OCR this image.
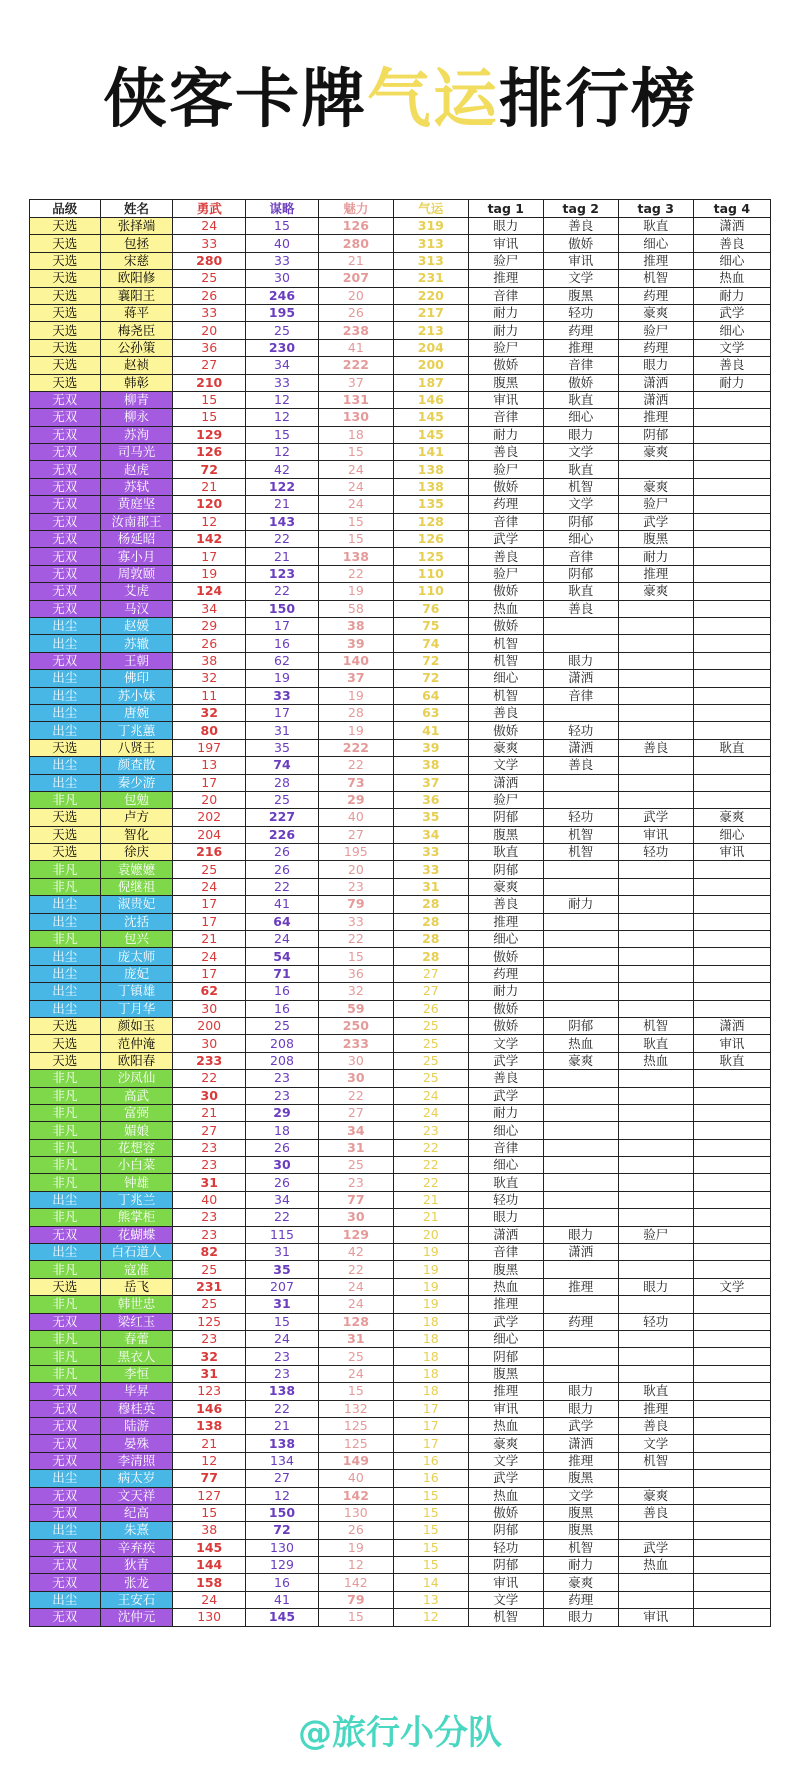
侠客卡牌气运排行榜
品级	姓名	勇武	谋略	魅力	气运	tag 1	tag 2	tag 3	tag 4
天选	张择端	24	15	126	319	眼力	善良	耿直	潇洒
天选	包拯	33	40	280	313	审讯	傲娇	细心	善良
天选	宋慈	280	33	21	313	验尸	审讯	推理	细心
天选	欧阳修	25	30	207	231	推理	文学	机智	热血
天选	襄阳王	26	246	20	220	音律	腹黑	药理	耐力
天选	蒋平	33	195	26	217	耐力	轻功	豪爽	武学
天选	梅尧臣	20	25	238	213	耐力	药理	验尸	细心
天选	公孙策	36	230	41	204	验尸	推理	药理	文学
天选	赵祯	27	34	222	200	傲娇	音律	眼力	善良
天选	韩彰	210	33	37	187	腹黑	傲娇	潇洒	耐力
无双	柳青	15	12	131	146	审讯	耿直	潇洒	
无双	柳永	15	12	130	145	音律	细心	推理	
无双	苏洵	129	15	18	145	耐力	眼力	阴郁	
无双	司马光	126	12	15	141	善良	文学	豪爽	
无双	赵虎	72	42	24	138	验尸	耿直		
无双	苏轼	21	122	24	138	傲娇	机智	豪爽	
无双	黄庭坚	120	21	24	135	药理	文学	验尸	
无双	汝南郡王	12	143	15	128	音律	阴郁	武学	
无双	杨延昭	142	22	15	126	武学	细心	腹黑	
无双	寡小月	17	21	138	125	善良	音律	耐力	
无双	周敦颐	19	123	22	110	验尸	阴郁	推理	
无双	艾虎	124	22	19	110	傲娇	耿直	豪爽	
无双	马汉	34	150	58	76	热血	善良		
出尘	赵媛	29	17	38	75	傲娇			
出尘	苏辙	26	16	39	74	机智			
无双	王朝	38	62	140	72	机智	眼力		
出尘	佛印	32	19	37	72	细心	潇洒		
出尘	苏小妹	11	33	19	64	机智	音律		
出尘	唐婉	32	17	28	63	善良			
出尘	丁兆蕙	80	31	19	41	傲娇	轻功		
天选	八贤王	197	35	222	39	豪爽	潇洒	善良	耿直
出尘	颜查散	13	74	22	38	文学	善良		
出尘	秦少游	17	28	73	37	潇洒			
非凡	包勉	20	25	29	36	验尸			
天选	卢方	202	227	40	35	阴郁	轻功	武学	豪爽
天选	智化	204	226	27	34	腹黑	机智	审讯	细心
天选	徐庆	216	26	195	33	耿直	机智	轻功	审讯
非凡	袁嬷嬷	25	26	20	33	阴郁			
非凡	倪继祖	24	22	23	31	豪爽			
出尘	淑贵妃	17	41	79	28	善良	耐力		
出尘	沈括	17	64	33	28	推理			
非凡	包兴	21	24	22	28	细心			
出尘	庞太师	24	54	15	28	傲娇			
出尘	庞妃	17	71	36	27	药理			
出尘	丁镇雄	62	16	32	27	耐力			
出尘	丁月华	30	16	59	26	傲娇			
天选	颜如玉	200	25	250	25	傲娇	阴郁	机智	潇洒
天选	范仲淹	30	208	233	25	文学	热血	耿直	审讯
天选	欧阳春	233	208	30	25	武学	豪爽	热血	耿直
非凡	沙凤仙	22	23	30	25	善良			
非凡	高武	30	23	22	24	武学			
非凡	富弼	21	29	27	24	耐力			
非凡	媚娘	27	18	34	23	细心			
非凡	花想容	23	26	31	22	音律			
非凡	小白菜	23	30	25	22	细心			
非凡	钟雄	31	26	23	22	耿直			
出尘	丁兆兰	40	34	77	21	轻功			
非凡	熊掌柜	23	22	30	21	眼力			
无双	花蝴蝶	23	115	129	20	潇洒	眼力	验尸	
出尘	白石道人	82	31	42	19	音律	潇洒		
非凡	寇准	25	35	22	19	腹黑			
天选	岳飞	231	207	24	19	热血	推理	眼力	文学
非凡	韩世忠	25	31	24	19	推理			
无双	梁红玉	125	15	128	18	武学	药理	轻功	
非凡	春蕾	23	24	31	18	细心			
非凡	黑衣人	32	23	25	18	阴郁			
非凡	李恒	31	23	24	18	腹黑			
无双	毕昇	123	138	15	18	推理	眼力	耿直	
无双	穆桂英	146	22	132	17	审讯	眼力	推理	
无双	陆游	138	21	125	17	热血	武学	善良	
无双	晏殊	21	138	125	17	豪爽	潇洒	文学	
无双	李清照	12	134	149	16	文学	推理	机智	
出尘	病太岁	77	27	40	16	武学	腹黑		
无双	文天祥	127	12	142	15	热血	文学	豪爽	
无双	纪高	15	150	130	15	傲娇	腹黑	善良	
出尘	朱熹	38	72	26	15	阴郁	腹黑		
无双	辛弃疾	145	130	19	15	轻功	机智	武学	
无双	狄青	144	129	12	15	阴郁	耐力	热血	
无双	张龙	158	16	142	14	审讯	豪爽		
出尘	王安石	24	41	79	13	文学	药理		
无双	沈仲元	130	145	15	12	机智	眼力	审讯	
@旅行小分队
